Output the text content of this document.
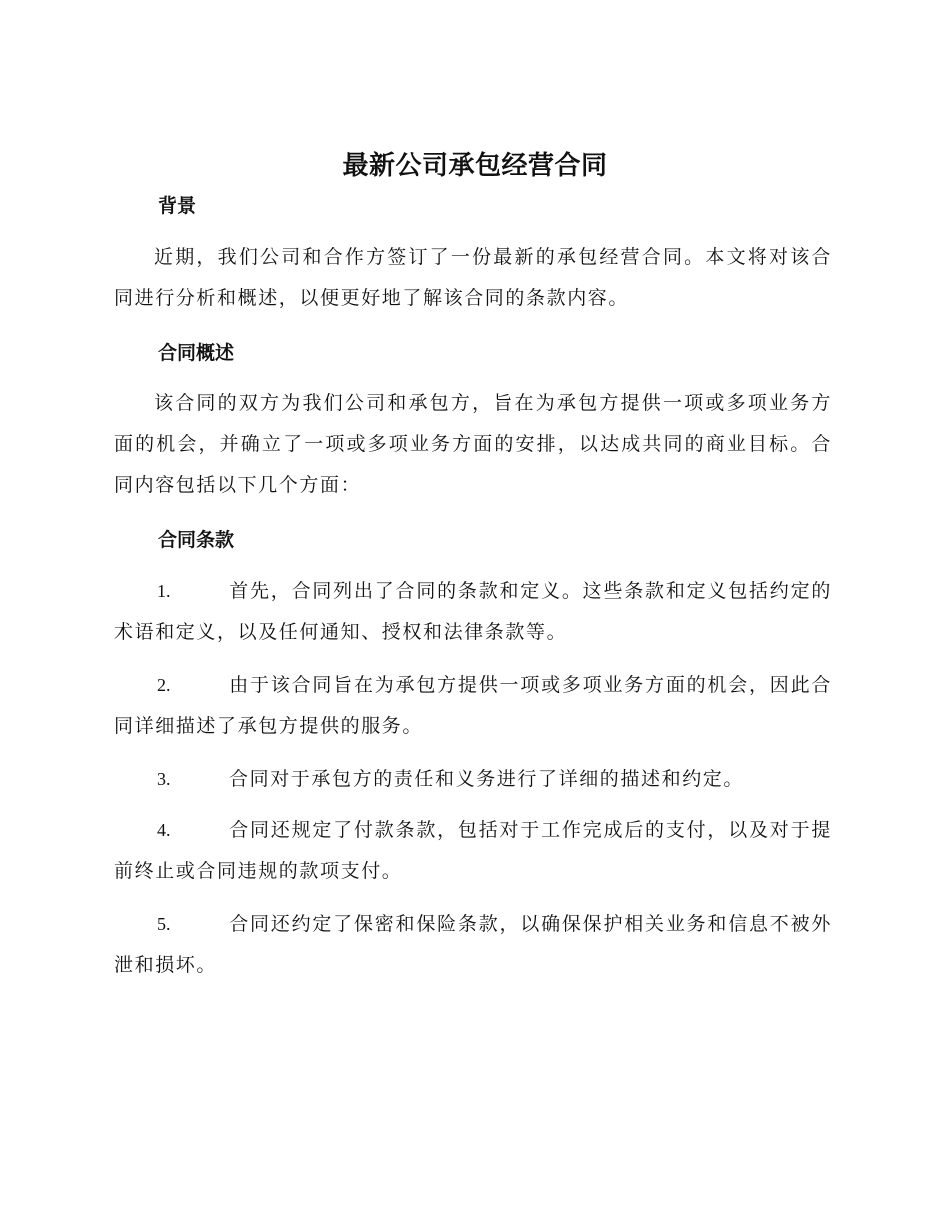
最新公司承包经营合同
背景

近期，我们公司和合作方签订了一份最新的承包经营合同。本文将对该合同进行分析和概述，以便更好地了解该合同的条款内容。

合同概述

该合同的双方为我们公司和承包方，旨在为承包方提供一项或多项业务方面的机会，并确立了一项或多项业务方面的安排，以达成共同的商业目标。合同内容包括以下几个方面：

合同条款

1.	首先，合同列出了合同的条款和定义。这些条款和定义包括约定的术语和定义，以及任何通知、授权和法律条款等。

2.	由于该合同旨在为承包方提供一项或多项业务方面的机会，因此合同详细描述了承包方提供的服务。

3.	合同对于承包方的责任和义务进行了详细的描述和约定。

4.	合同还规定了付款条款，包括对于工作完成后的支付，以及对于提前终止或合同违规的款项支付。

5.	合同还约定了保密和保险条款，以确保保护相关业务和信息不被外泄和损坏。
